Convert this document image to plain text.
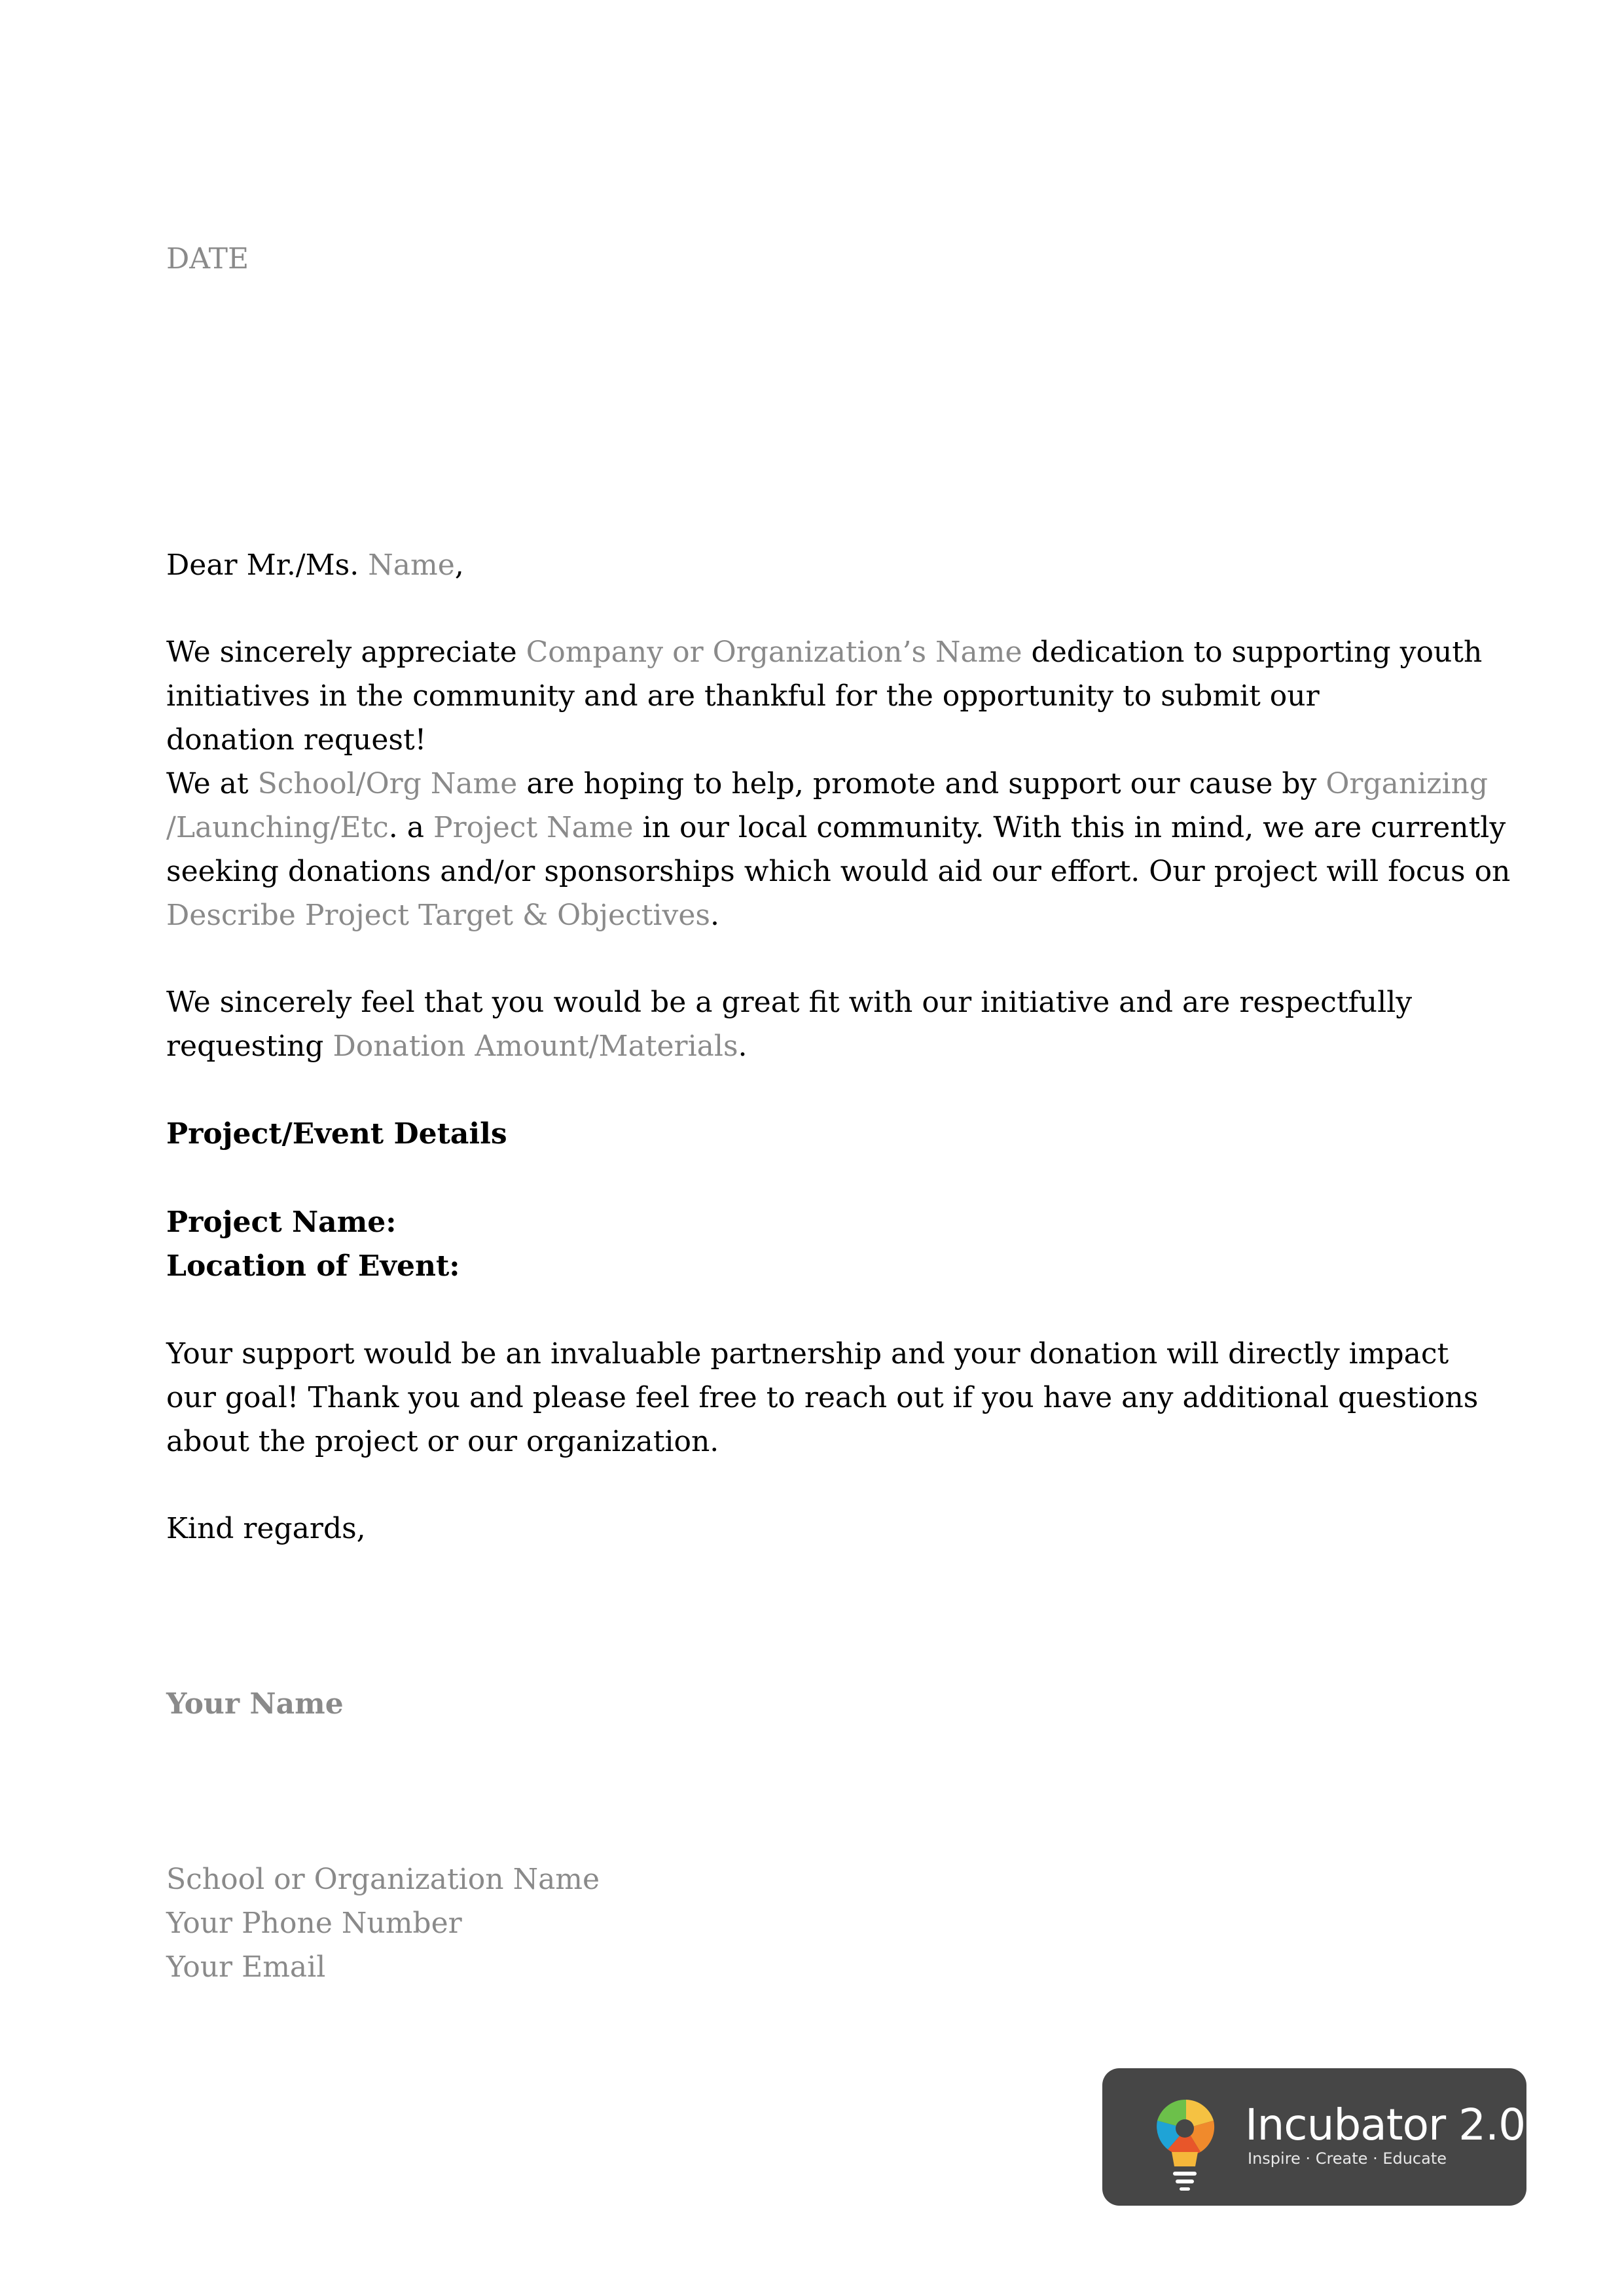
DATE
Dear Mr./Ms. Name,
We sincerely appreciate Company or Organization’s Name dedication to supporting youth
initiatives in the community and are thankful for the opportunity to submit our
donation request!
We at School/Org Name are hoping to help, promote and support our cause by Organizing
/Launching/Etc. a Project Name in our local community. With this in mind, we are currently
seeking donations and/or sponsorships which would aid our effort. Our project will focus on
Describe Project Target & Objectives.
We sincerely feel that you would be a great fit with our initiative and are respectfully
requesting Donation Amount/Materials.
Project/Event Details
Project Name:
Location of Event:
Your support would be an invaluable partnership and your donation will directly impact
our goal! Thank you and please feel free to reach out if you have any additional questions
about the project or our organization.
Kind regards,
Your Name
School or Organization Name
Your Phone Number
Your Email
Incubator 2.0
Inspire · Create · Educate
